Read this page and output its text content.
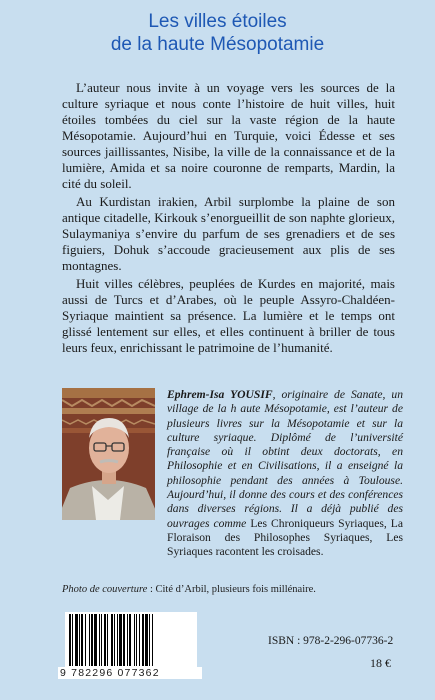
Les villes étoiles
de la haute Mésopotamie

L’auteur nous invite à un voyage vers les sources de la culture syriaque et nous conte l’histoire de huit villes, huit étoiles tombées du ciel sur la vaste région de la haute Mésopotamie. Aujourd’hui en Turquie, voici Édesse et ses sources jaillissantes, Nisibe, la ville de la connaissance et de la lumière, Amida et sa noire couronne de remparts, Mardin, la cité du soleil.

Au Kurdistan irakien, Arbil surplombe la plaine de son antique citadelle, Kirkouk s’enorgueillit de son naphte glorieux, Sulaymaniya s’envire du parfum de ses grenadiers et de ses figuiers, Dohuk s’accoude gracieusement aux plis de ses montagnes.

Huit villes célèbres, peuplées de Kurdes en majorité, mais aussi de Turcs et d’Arabes, où le peuple Assyro-Chaldéen-Syriaque maintient sa présence. La lumière et le temps ont glissé lentement sur elles, et elles continuent à briller de tous leurs feux, enrichissant le patrimoine de l’humanité.

Ephrem-Isa YOUSIF, originaire de Sanate, un village de la h aute Mésopotamie, est l’auteur de plusieurs livres sur la Mésopotamie et sur la culture syriaque. Diplômé de l’université française où il obtint deux doctorats, en Philosophie et en Civilisations, il a enseigné la philosophie pendant des années à Toulouse. Aujourd’hui, il donne des cours et des conférences dans diverses régions. Il a déjà publié des ouvrages comme Les Chroniqueurs Syriaques, La Floraison des Philosophes Syriaques, Les Syriaques racontent les croisades.
Photo de couverture : Cité d’Arbil, plusieurs fois millénaire.
9 782296 077362
ISBN : 978-2-296-07736-2
18 €
